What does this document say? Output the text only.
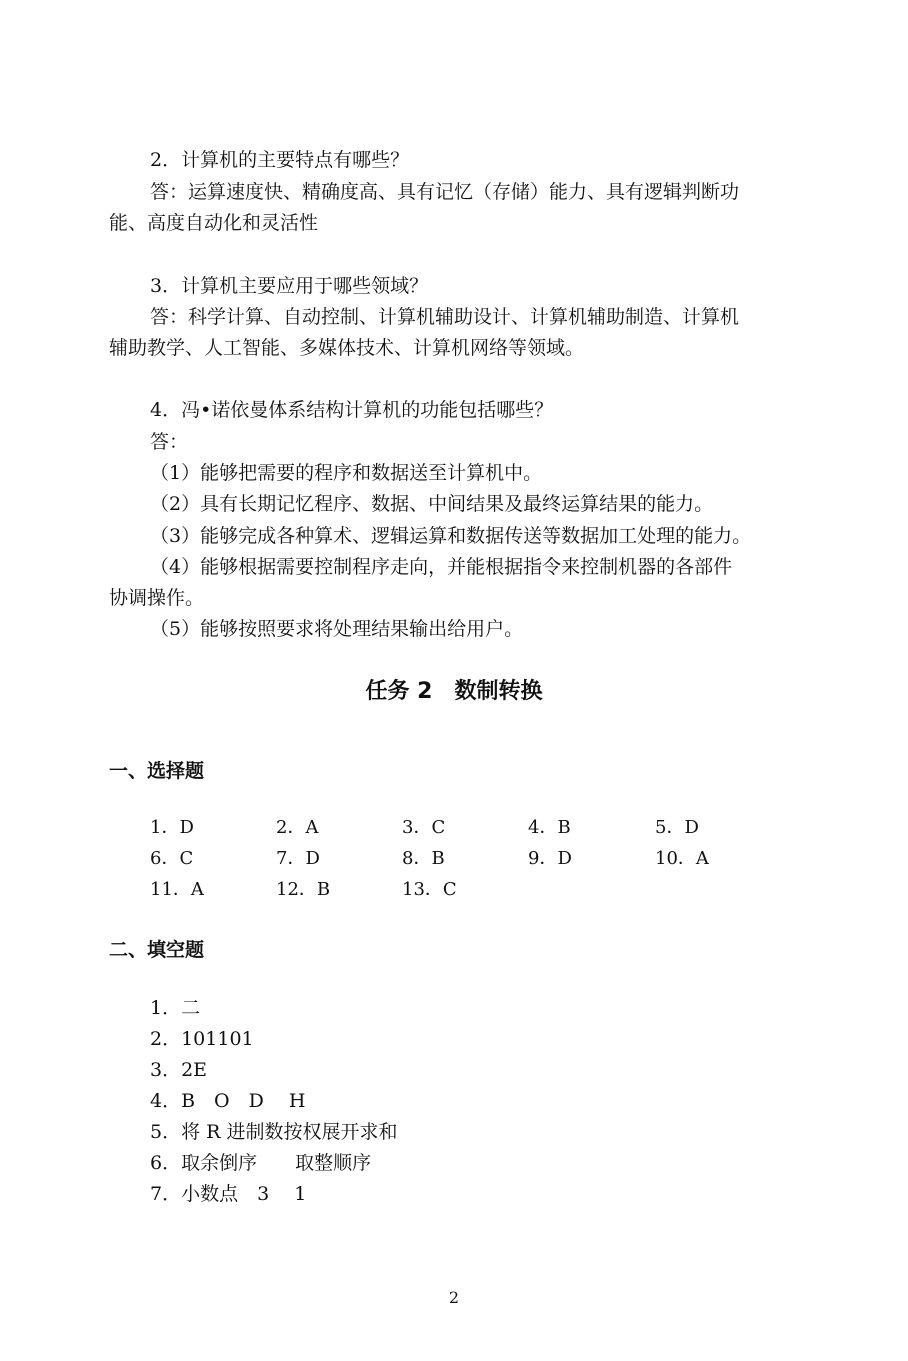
2．计算机的主要特点有哪些？
答：运算速度快、精确度高、具有记忆（存储）能力、具有逻辑判断功
能、高度自动化和灵活性
3．计算机主要应用于哪些领域？
答：科学计算、自动控制、计算机辅助设计、计算机辅助制造、计算机
辅助教学、人工智能、多媒体技术、计算机网络等领域。
4．冯•诺依曼体系结构计算机的功能包括哪些？
答：
（1）能够把需要的程序和数据送至计算机中。
（2）具有长期记忆程序、数据、中间结果及最终运算结果的能力。
（3）能够完成各种算术、逻辑运算和数据传送等数据加工处理的能力。
（4）能够根据需要控制程序走向，并能根据指令来控制机器的各部件
协调操作。
（5）能够按照要求将处理结果输出给用户。
任务 2　数制转换
一、选择题
1．D	2．A	3．C	4．B	5．D
6．C	7．D	8．B	9．D	10．A
11．A	12．B	13．C
二、填空题
1．二
2．101101
3．2E
4．B　O　D　 H
5．将 R 进制数按权展开求和
6．取余倒序　　取整顺序
7．小数点　3　 1
2
